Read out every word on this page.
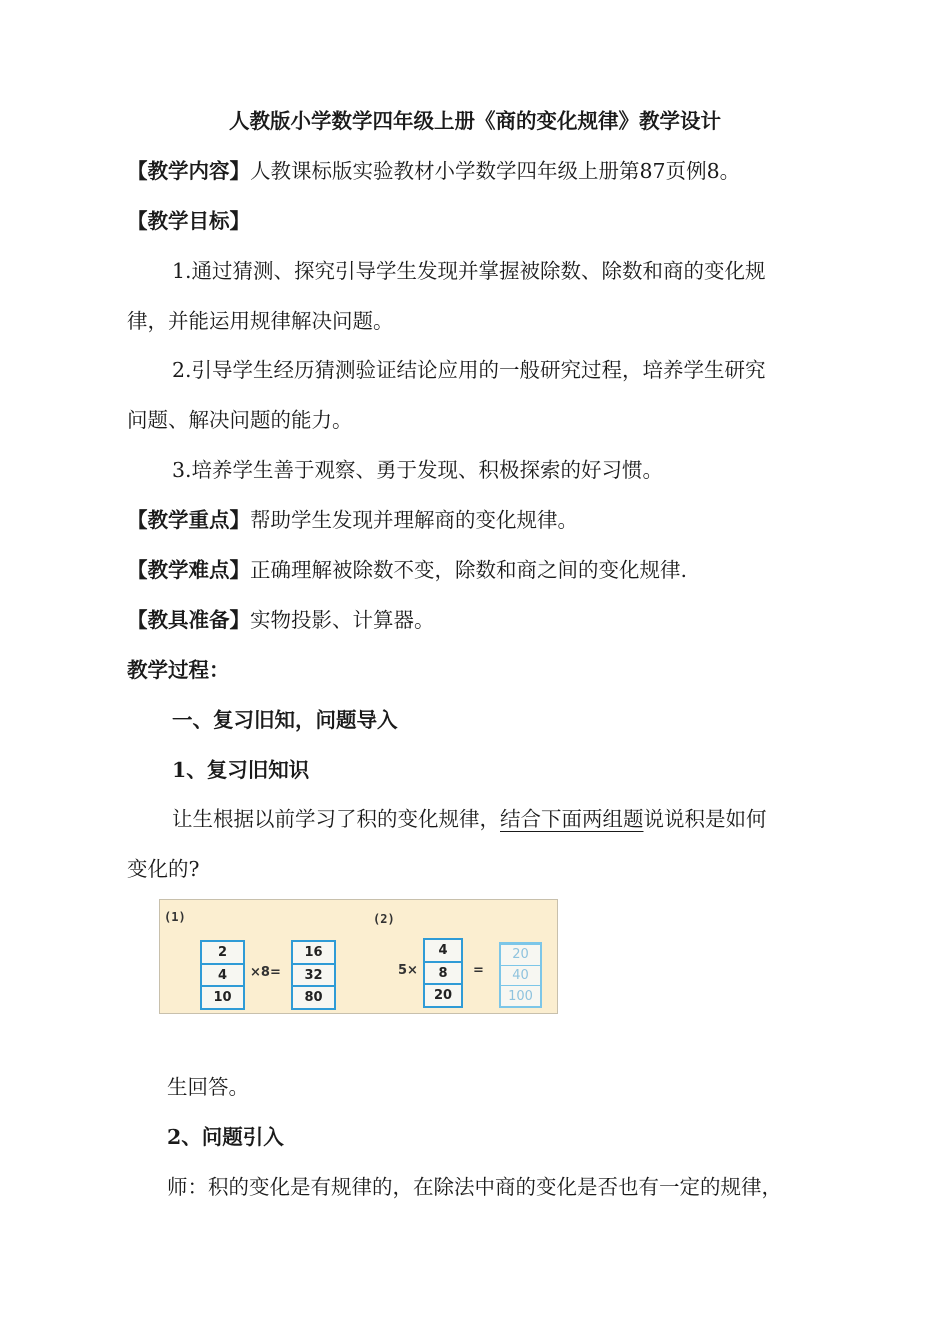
人教版小学数学四年级上册《商的变化规律》教学设计
【教学内容】人教课标版实验教材小学数学四年级上册第87页例8。
【教学目标】
1.通过猜测、探究引导学生发现并掌握被除数、除数和商的变化规
律，并能运用规律解决问题。
2.引导学生经历猜测验证结论应用的一般研究过程，培养学生研究
问题、解决问题的能力。
3.培养学生善于观察、勇于发现、积极探索的好习惯。
【教学重点】帮助学生发现并理解商的变化规律。
【教学难点】正确理解被除数不变，除数和商之间的变化规律.
【教具准备】实物投影、计算器。
教学过程：
一、复习旧知，问题导入
1、复习旧知识
让生根据以前学习了积的变化规律，结合下面两组题说说积是如何
变化的?
(1)	(2)
2
4
10
×8=
16
32
80
5×
4
8
20
=
20
40
100
生回答。
2、问题引入
师：积的变化是有规律的，在除法中商的变化是否也有一定的规律，
